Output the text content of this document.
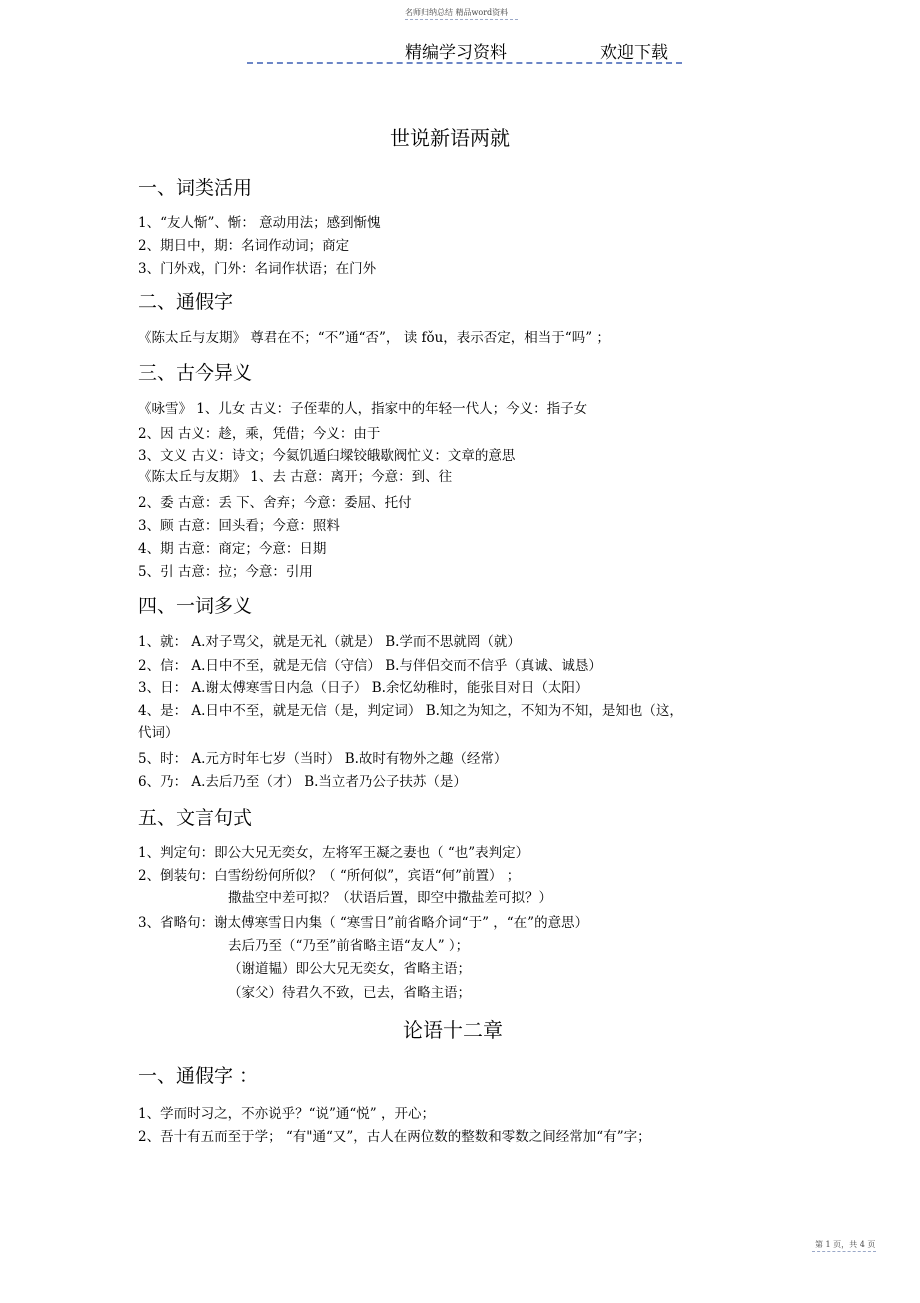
名师归纳总结 精品word资料
精编学习资料	欢迎下载
世说新语两就
一、词类活用
1、“友人惭”、惭： 意动用法；感到惭愧
2、期日中，期：名词作动词；商定
3、门外戏，门外：名词作状语；在门外
二、通假字
《陈太丘与友期》 尊君在不；“不”通“否”， 读 fǒu，表示否定，相当于“吗” ；
三、古今异义
《咏雪》 1、儿女 古义：子侄辈的人，指家中的年轻一代人；今义：指子女
2、因 古义：趁，乘，凭借；今义：由于
3、文义 古义：诗文；今氦饥遁臼墚铰皒歇阀忙义：文章的意思
《陈太丘与友期》 1、去 古意：离开；今意：到、往
2、委 古意：丢 下、舍弃；今意：委屈、托付
3、顾 古意：回头看；今意：照料
4、期 古意：商定；今意：日期
5、引 古意：拉；今意：引用
四、一词多义
1、就： A.对子骂父，就是无礼（就是） B.学而不思就罔（就）
2、信： A.日中不至，就是无信（守信） B.与伴侣交而不信乎（真诚、诚恳）
3、日： A.谢太傅寒雪日内急（日子） B.余忆幼稚时，能张目对日（太阳）
4、是： A.日中不至，就是无信（是，判定词） B.知之为知之，不知为不知，是知也（这，
代词）
5、时： A.元方时年七岁（当时） B.故时有物外之趣（经常）
6、乃： A.去后乃至（才） B.当立者乃公子扶苏（是）
五、文言句式
1、判定句：即公大兄无奕女，左将军王凝之妻也（ “也”表判定）
2、倒装句：白雪纷纷何所似？（ “所何似”，宾语“何”前置） ；
撒盐空中差可拟？（状语后置，即空中撒盐差可拟？）
3、省略句：谢太傅寒雪日内集（ “寒雪日”前省略介词“于” ，“在”的意思）
去后乃至（“乃至”前省略主语“友人” ）；
（谢道韫）即公大兄无奕女，省略主语；
（家父）待君久不致，已去，省略主语；
论语十二章
一、通假字 ：
1、学而时习之，不亦说乎？“说”通“悦” ，开心；
2、吾十有五而至于学； “有"通“又”，古人在两位数的整数和零数之间经常加“有”字；
第 1 页，共 4 页
